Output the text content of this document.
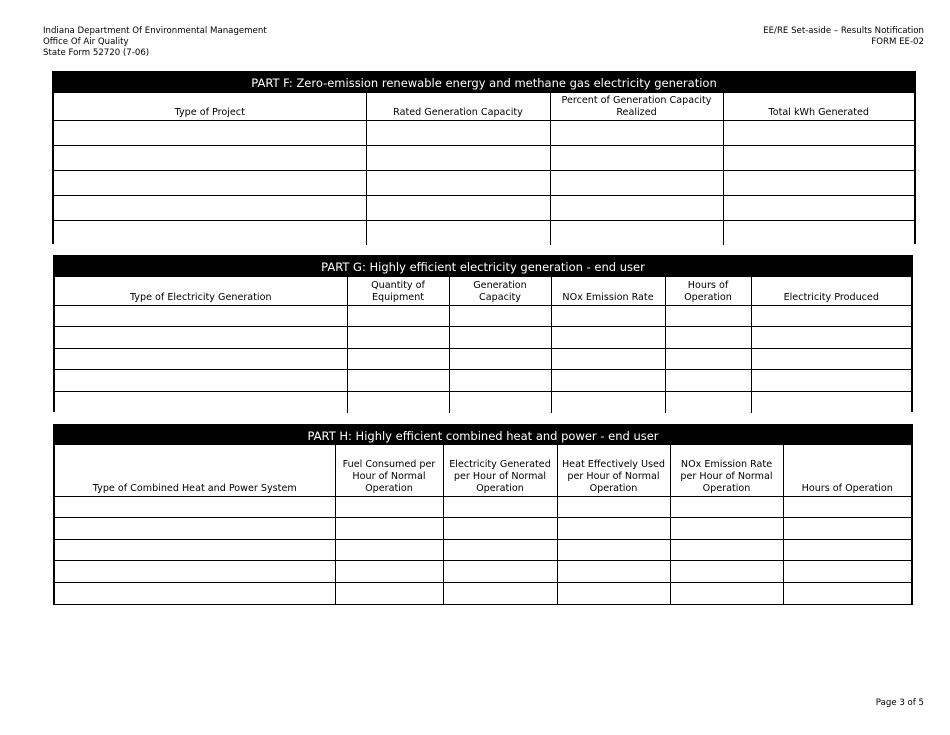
Indiana Department Of Environmental Management
Office Of Air Quality
State Form 52720 (7-06)
EE/RE Set-aside – Results Notification
FORM EE-02
PART F: Zero-emission renewable energy and methane gas electricity generation
Type of Project	Rated Generation Capacity	Percent of Generation Capacity Realized	Total kWh Generated

PART G: Highly efficient electricity generation - end user
Type of Electricity Generation	Quantity of Equipment	Generation Capacity	NOx Emission Rate	Hours of Operation	Electricity Produced

PART H: Highly efficient combined heat and power - end user
Type of Combined Heat and Power System	Fuel Consumed per Hour of Normal Operation	Electricity Generated per Hour of Normal Operation	Heat Effectively Used per Hour of Normal Operation	NOx Emission Rate per Hour of Normal Operation	Hours of Operation

Page 3 of 5
